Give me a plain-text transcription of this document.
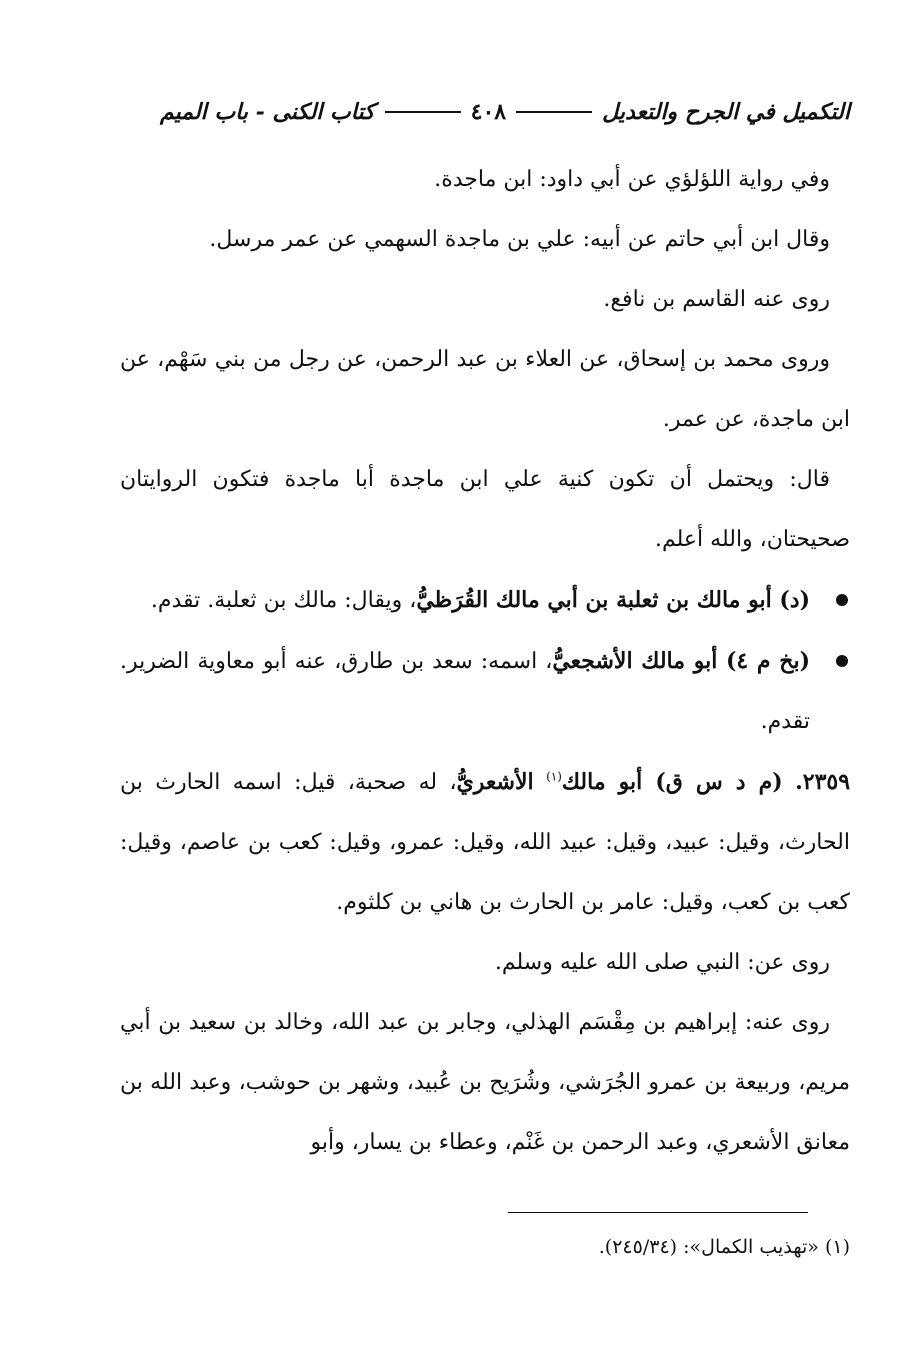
التكميل في الجرح والتعديل
٤٠٨
كتاب الكنى - باب الميم

وفي رواية اللؤلؤي عن أبي داود: ابن ماجدة.

وقال ابن أبي حاتم عن أبيه: علي بن ماجدة السهمي عن عمر مرسل.

روى عنه القاسم بن نافع.

وروى محمد بن إسحاق، عن العلاء بن عبد الرحمن، عن رجل من بني سَهْم، عن ابن ماجدة، عن عمر.

قال: ويحتمل أن تكون كنية علي ابن ماجدة أبا ماجدة فتكون الروايتان صحيحتان، والله أعلم.

(د) أبو مالك بن ثعلبة بن أبي مالك القُرَظيُّ، ويقال: مالك بن ثعلبة. تقدم.

(بخ م ٤) أبو مالك الأشجعيُّ، اسمه: سعد بن طارق، عنه أبو معاوية الضرير. تقدم.

٢٣٥٩. (م د س ق) أبو مالك$^{(١)}$ الأشعريُّ، له صحبة، قيل: اسمه الحارث بن الحارث، وقيل: عبيد، وقيل: عبيد الله، وقيل: عمرو، وقيل: كعب بن عاصم، وقيل: كعب بن كعب، وقيل: عامر بن الحارث بن هاني بن كلثوم.

روى عن: النبي صلى الله عليه وسلم.

روى عنه: إبراهيم بن مِقْسَم الهذلي، وجابر بن عبد الله، وخالد بن سعيد بن أبي مريم، وربيعة بن عمرو الجُرَشي، وشُرَيح بن عُبيد، وشهر بن حوشب، وعبد الله بن معانق الأشعري، وعبد الرحمن بن غَنْم، وعطاء بن يسار، وأبو

(١) «تهذيب الكمال»: (٢٤٥/٣٤).
